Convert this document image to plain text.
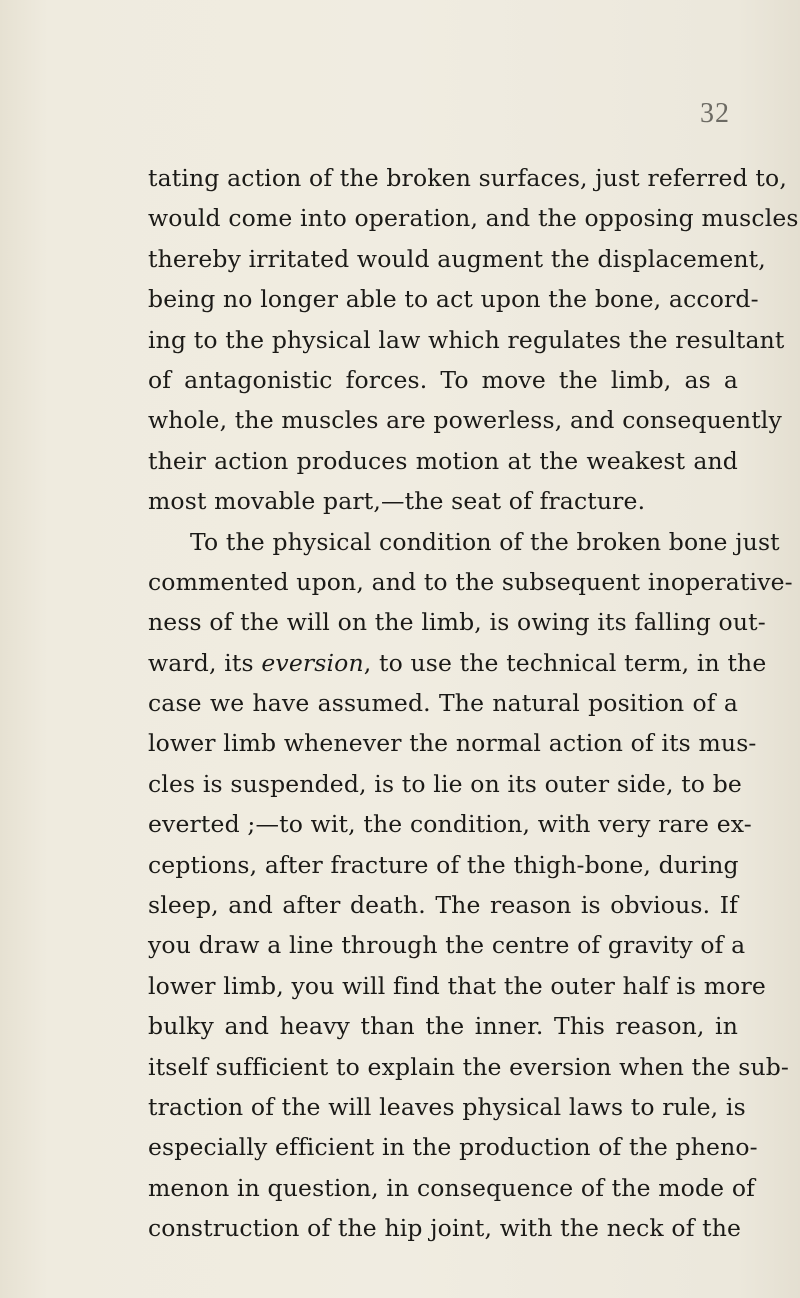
32
tating action of the broken surfaces, just referred to,
would come into operation, and the opposing muscles
thereby irritated would augment the displacement,
being no longer able to act upon the bone, accord-
ing to the physical law which regulates the resultant
of antagonistic forces. To move the limb, as a
whole, the muscles are powerless, and consequently
their action produces motion at the weakest and
most movable part,—the seat of fracture.
To the physical condition of the broken bone just
commented upon, and to the subsequent inoperative-
ness of the will on the limb, is owing its falling out-
ward, its eversion, to use the technical term, in the
case we have assumed. The natural position of a
lower limb whenever the normal action of its mus-
cles is suspended, is to lie on its outer side, to be
everted ;—to wit, the condition, with very rare ex-
ceptions, after fracture of the thigh-bone, during
sleep, and after death. The reason is obvious. If
you draw a line through the centre of gravity of a
lower limb, you will find that the outer half is more
bulky and heavy than the inner. This reason, in
itself sufficient to explain the eversion when the sub-
traction of the will leaves physical laws to rule, is
especially efficient in the production of the pheno-
menon in question, in consequence of the mode of
construction of the hip joint, with the neck of the
